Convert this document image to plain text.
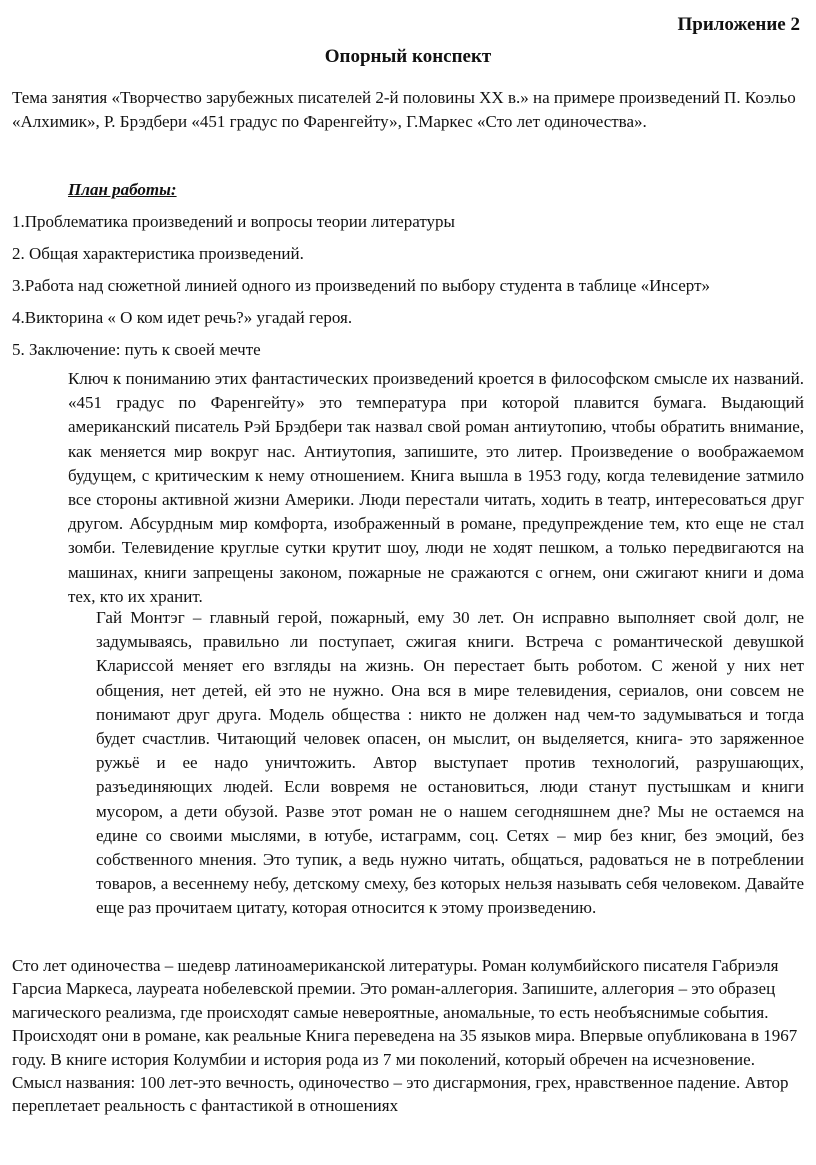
Приложение 2
Опорный конспект
Тема занятия «Творчество зарубежных писателей 2-й половины XX в.» на примере произведений П. Коэльо «Алхимик», Р. Брэдбери «451 градус по Фаренгейту», Г.Маркес «Сто лет одиночества».
План работы:
1.Проблематика произведений и вопросы теории литературы
2. Общая характеристика произведений.
3.Работа над сюжетной линией одного из произведений по выбору студента в таблице «Инсерт»
4.Викторина « О ком идет речь?» угадай героя.
5. Заключение: путь к своей мечте

Ключ к пониманию этих фантастических произведений кроется в философском смысле их названий. «451 градус по Фаренгейту» это температура при которой плавится бумага. Выдающий американский писатель Рэй Брэдбери так назвал свой роман антиутопию, чтобы обратить внимание, как меняется мир вокруг нас. Антиутопия, запишите, это литер. Произведение о воображаемом будущем, с критическим к нему отношением. Книга вышла в 1953 году, когда телевидение затмило все стороны активной жизни Америки. Люди перестали читать, ходить в театр, интересоваться друг другом. Абсурдным мир комфорта, изображенный в романе, предупреждение тем, кто еще не стал зомби. Телевидение круглые сутки крутит шоу, люди не ходят пешком, а только передвигаются на машинах, книги запрещены законом, пожарные не сражаются с огнем, они сжигают книги и дома тех, кто их хранит.

Гай Монтэг – главный герой, пожарный, ему 30 лет. Он исправно выполняет свой долг, не задумываясь, правильно ли поступает, сжигая книги. Встреча с романтической девушкой Клариссой меняет его взгляды на жизнь. Он перестает быть роботом. С женой у них нет общения, нет детей, ей это не нужно. Она вся в мире телевидения, сериалов, они совсем не понимают друг друга. Модель общества : никто не должен над чем-то задумываться и тогда будет счастлив. Читающий человек опасен, он мыслит, он выделяется, книга- это заряженное ружьё и ее надо уничтожить. Автор выступает против технологий, разрушающих, разъединяющих людей. Если вовремя не остановиться, люди станут пустышкам и книги мусором, а дети обузой. Разве этот роман не о нашем сегодняшнем дне? Мы не остаемся на едине со своими мыслями, в ютубе, истаграмм, соц. Сетях – мир без книг, без эмоций, без собственного мнения. Это тупик, а ведь нужно читать, общаться, радоваться не в потреблении товаров, а весеннему небу, детскому смеху, без которых нельзя называть себя человеком. Давайте еще раз прочитаем цитату, которая относится к этому произведению.

Сто лет одиночества – шедевр латиноамериканской литературы. Роман колумбийского писателя Габриэля Гарсиа Маркеса, лауреата нобелевской премии. Это роман-аллегория. Запишите, аллегория – это образец магического реализма, где происходят самые невероятные, аномальные, то есть необъяснимые события. Происходят они в романе, как реальные Книга переведена на 35 языков мира. Впервые опубликована в 1967 году. В книге история Колумбии и история рода из 7 ми поколений, который обречен на исчезновение. Смысл названия: 100 лет-это вечность, одиночество – это дисгармония, грех, нравственное падение. Автор переплетает реальность с фантастикой в отношениях
